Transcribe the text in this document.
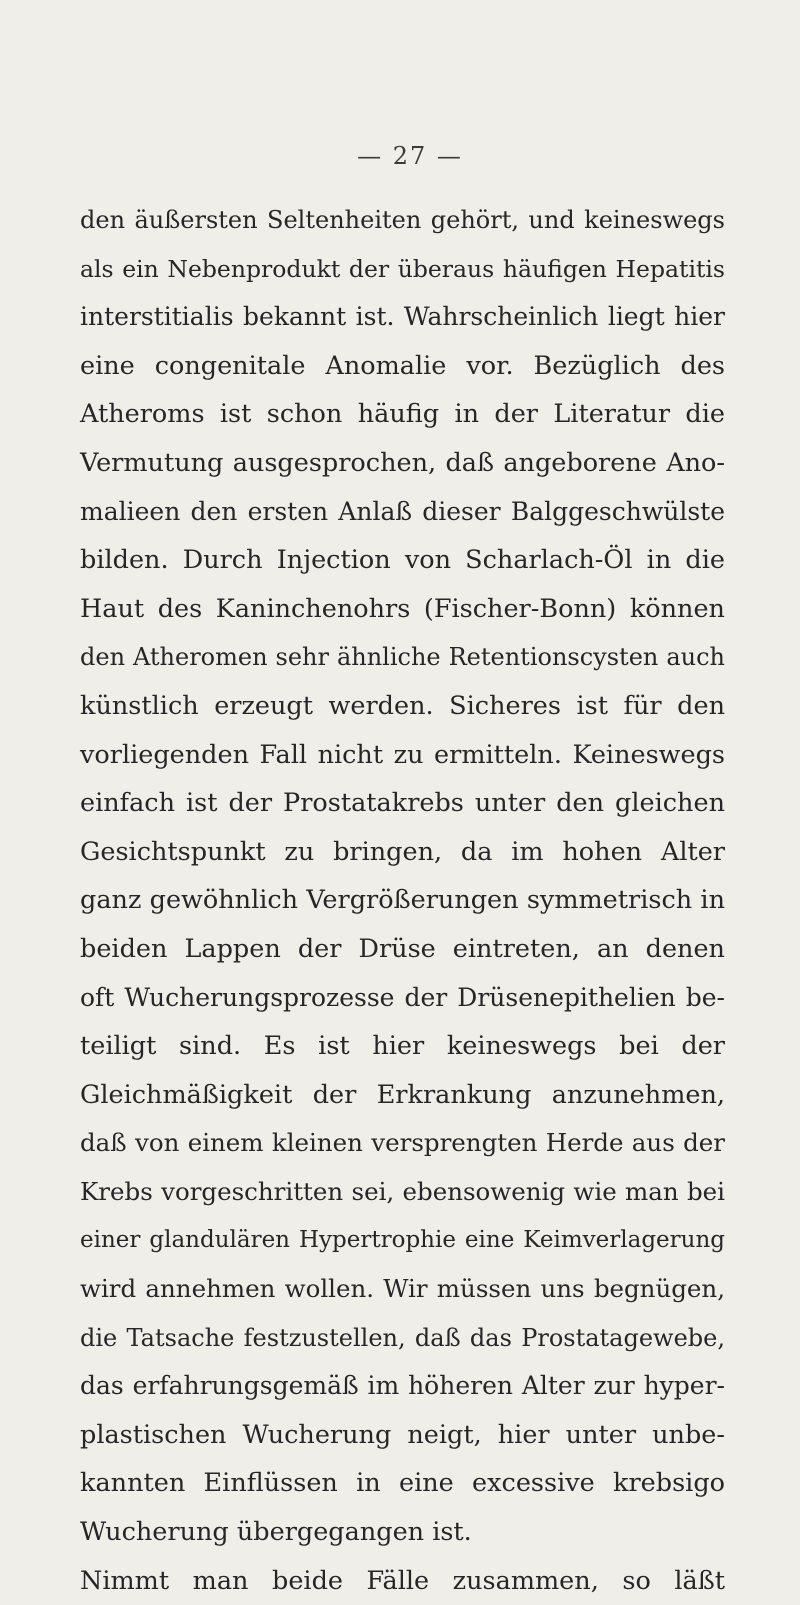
— 27 —
den äußersten Seltenheiten gehört, und keineswegs
als ein Nebenprodukt der überaus häufigen Hepatitis
interstitialis bekannt ist. Wahrscheinlich liegt hier
eine congenitale Anomalie vor. Bezüglich des
Atheroms ist schon häufig in der Literatur die
Vermutung ausgesprochen, daß angeborene Ano-
malieen den ersten Anlaß dieser Balggeschwülste
bilden. Durch Injection von Scharlach-Öl in die
Haut des Kaninchenohrs (Fischer-Bonn) können
den Atheromen sehr ähnliche Retentionscysten auch
künstlich erzeugt werden. Sicheres ist für den
vorliegenden Fall nicht zu ermitteln. Keineswegs
einfach ist der Prostatakrebs unter den gleichen
Gesichtspunkt zu bringen, da im hohen Alter
ganz gewöhnlich Vergrößerungen symmetrisch in
beiden Lappen der Drüse eintreten, an denen
oft Wucherungsprozesse der Drüsenepithelien be-
teiligt sind. Es ist hier keineswegs bei der
Gleichmäßigkeit der Erkrankung anzunehmen,
daß von einem kleinen versprengten Herde aus der
Krebs vorgeschritten sei, ebensowenig wie man bei
einer glandulären Hypertrophie eine Keimverlagerung
wird annehmen wollen. Wir müssen uns begnügen,
die Tatsache festzustellen, daß das Prostatagewebe,
das erfahrungsgemäß im höheren Alter zur hyper-
plastischen Wucherung neigt, hier unter unbe-
kannten Einflüssen in eine excessive krebsigo
Wucherung übergegangen ist.
Nimmt man beide Fälle zusammen, so läßt
